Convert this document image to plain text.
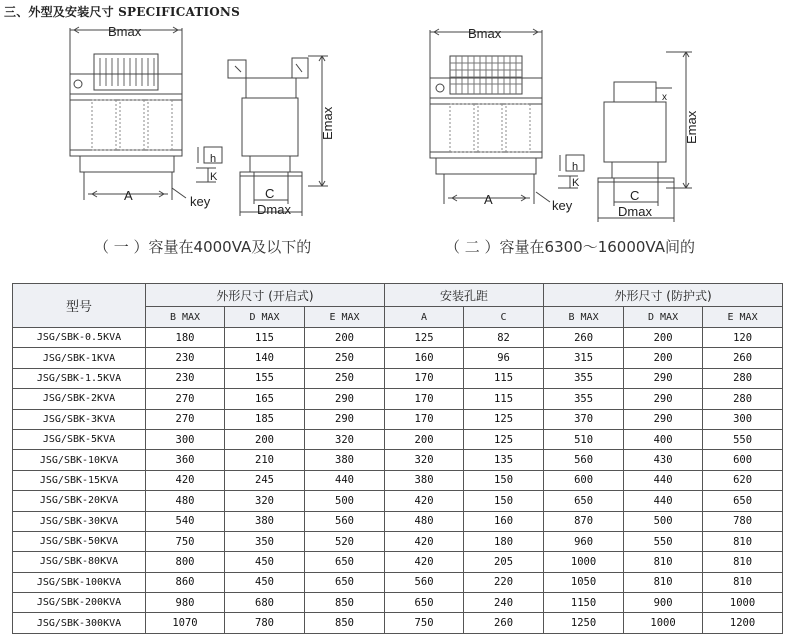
三、外型及安装尺寸 SPECIFICATIONS
Bmax
A	key
h
K
C
Dmax
Emax
Bmax
A	key
h
K
C
Dmax
Emax
x
（ 一 ）容量在4000VA及以下的	（ 二 ）容量在6300～16000VA间的
型号	外形尺寸 (开启式)			安装孔距		外形尺寸 (防护式)		
	B MAX	D MAX	E MAX	A	C	B MAX	D MAX	E MAX
JSG/SBK-0.5KVA	180	115	200	125	82	260	200	120
JSG/SBK-1KVA	230	140	250	160	96	315	200	260
JSG/SBK-1.5KVA	230	155	250	170	115	355	290	280
JSG/SBK-2KVA	270	165	290	170	115	355	290	280
JSG/SBK-3KVA	270	185	290	170	125	370	290	300
JSG/SBK-5KVA	300	200	320	200	125	510	400	550
JSG/SBK-10KVA	360	210	380	320	135	560	430	600
JSG/SBK-15KVA	420	245	440	380	150	600	440	620
JSG/SBK-20KVA	480	320	500	420	150	650	440	650
JSG/SBK-30KVA	540	380	560	480	160	870	500	780
JSG/SBK-50KVA	750	350	520	420	180	960	550	810
JSG/SBK-80KVA	800	450	650	420	205	1000	810	810
JSG/SBK-100KVA	860	450	650	560	220	1050	810	810
JSG/SBK-200KVA	980	680	850	650	240	1150	900	1000
JSG/SBK-300KVA	1070	780	850	750	260	1250	1000	1200
